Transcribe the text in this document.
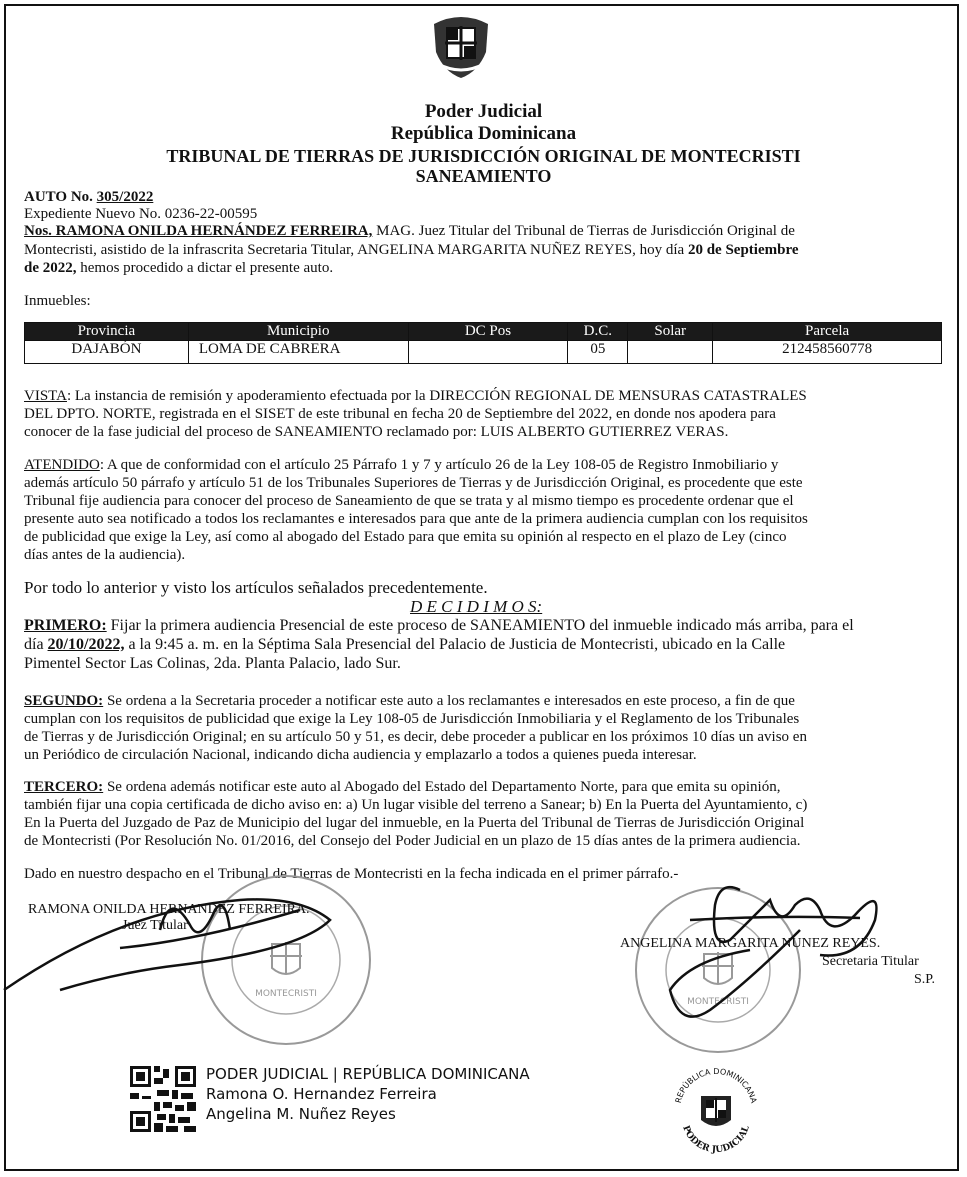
Poder Judicial
República Dominicana
TRIBUNAL DE TIERRAS DE JURISDICCIÓN ORIGINAL DE MONTECRISTI
SANEAMIENTO
AUTO No. 305/2022
Expediente Nuevo No. 0236-22-00595
Nos. RAMONA ONILDA HERNÁNDEZ FERREIRA, MAG. Juez Titular del Tribunal de Tierras de Jurisdicción Original de
Montecristi, asistido de la infrascrita Secretaria Titular, ANGELINA MARGARITA NUÑEZ REYES, hoy día 20 de Septiembre
de 2022, hemos procedido a dictar el presente auto.
Inmuebles:
Provincia	Municipio	DC Pos	D.C.	Solar	Parcela
DAJABÓN	LOMA DE CABRERA		05		212458560778
VISTA: La instancia de remisión y apoderamiento efectuada por la DIRECCIÓN REGIONAL DE MENSURAS CATASTRALES
DEL DPTO. NORTE, registrada en el SISET de este tribunal en fecha 20 de Septiembre del 2022, en donde nos apodera para
conocer de la fase judicial del proceso de SANEAMIENTO reclamado por: LUIS ALBERTO GUTIERREZ VERAS.
ATENDIDO: A que de conformidad con el artículo 25 Párrafo 1 y 7 y artículo 26 de la Ley 108-05 de Registro Inmobiliario y
además artículo 50 párrafo y artículo 51 de los Tribunales Superiores de Tierras y de Jurisdicción Original, es procedente que este
Tribunal fije audiencia para conocer del proceso de Saneamiento de que se trata y al mismo tiempo es procedente ordenar que el
presente auto sea notificado a todos los reclamantes e interesados para que ante de la primera audiencia cumplan con los requisitos
de publicidad que exige la Ley, así como al abogado del Estado para que emita su opinión al respecto en el plazo de Ley (cinco
días antes de la audiencia).
Por todo lo anterior y visto los artículos señalados precedentemente.
D E C I D I M O S:
PRIMERO: Fijar la primera audiencia Presencial de este proceso de SANEAMIENTO del inmueble indicado más arriba, para el
día 20/10/2022, a la 9:45 a. m. en la Séptima Sala Presencial del Palacio de Justicia de Montecristi, ubicado en la Calle
Pimentel Sector Las Colinas, 2da. Planta Palacio, lado Sur.
SEGUNDO: Se ordena a la Secretaria proceder a notificar este auto a los reclamantes e interesados en este proceso, a fin de que
cumplan con los requisitos de publicidad que exige la Ley 108-05 de Jurisdicción Inmobiliaria y el Reglamento de los Tribunales
de Tierras y de Jurisdicción Original; en su artículo 50 y 51, es decir, debe proceder a publicar en los próximos 10 días un aviso en
un Periódico de circulación Nacional, indicando dicha audiencia y emplazarlo a todos a quienes pueda interesar.
TERCERO: Se ordena además notificar este auto al Abogado del Estado del Departamento Norte, para que emita su opinión,
también fijar una copia certificada de dicho aviso en: a) Un lugar visible del terreno a Sanear; b) En la Puerta del Ayuntamiento, c)
En la Puerta del Juzgado de Paz de Municipio del lugar del inmueble, en la Puerta del Tribunal de Tierras de Jurisdicción Original
de Montecristi (Por Resolución No. 01/2016, del Consejo del Poder Judicial en un plazo de 15 días antes de la primera audiencia.
Dado en nuestro despacho en el Tribunal de Tierras de Montecristi en la fecha indicada en el primer párrafo.-
MONTECRISTI
MONTECRISTI
RAMONA ONILDA HERNANDEZ FERREIRA.
Juez Titular
ANGELINA MARGARITA NUNEZ REYES.
Secretaria Titular
S.P.
PODER JUDICIAL | REPÚBLICA DOMINICANA
Ramona O. Hernandez Ferreira
Angelina M. Nuñez Reyes
REPÚBLICA DOMINICANA
PODER JUDICIAL
